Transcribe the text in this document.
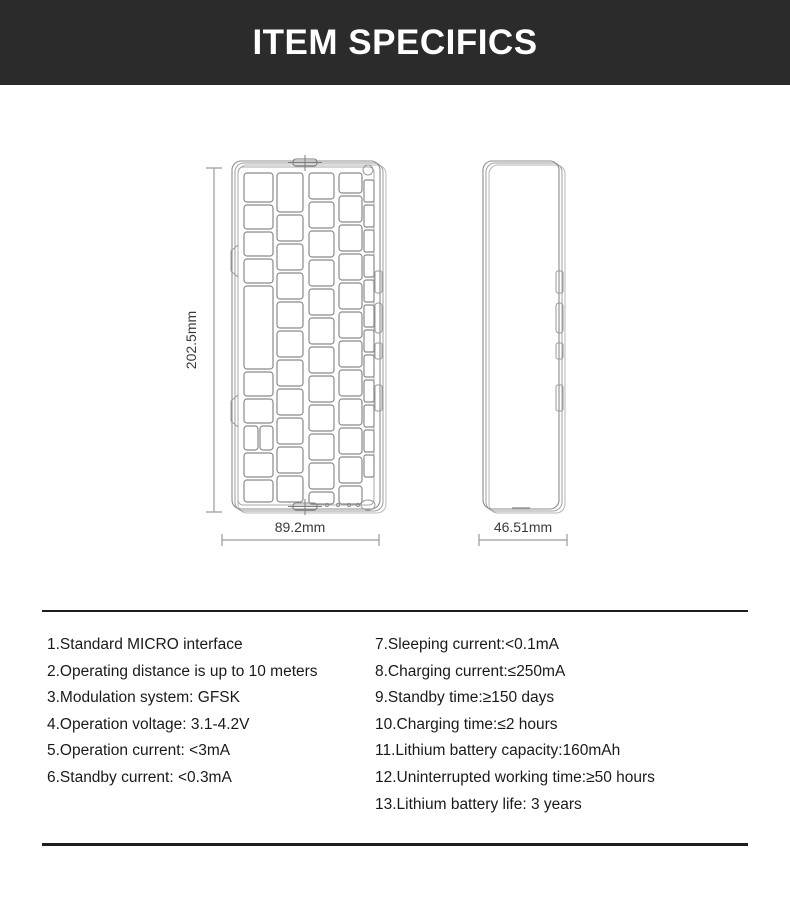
ITEM SPECIFICS
202.5mm
89.2mm	46.51mm
1.Standard MICRO interface
2.Operating distance is up to 10 meters
3.Modulation system: GFSK
4.Operation voltage: 3.1-4.2V
5.Operation current: <3mA
6.Standby current: <0.3mA
7.Sleeping current:<0.1mA
8.Charging current:≤250mA
9.Standby time:≥150 days
10.Charging time:≤2 hours
11.Lithium battery capacity:160mAh
12.Uninterrupted working time:≥50 hours
13.Lithium battery life: 3 years
